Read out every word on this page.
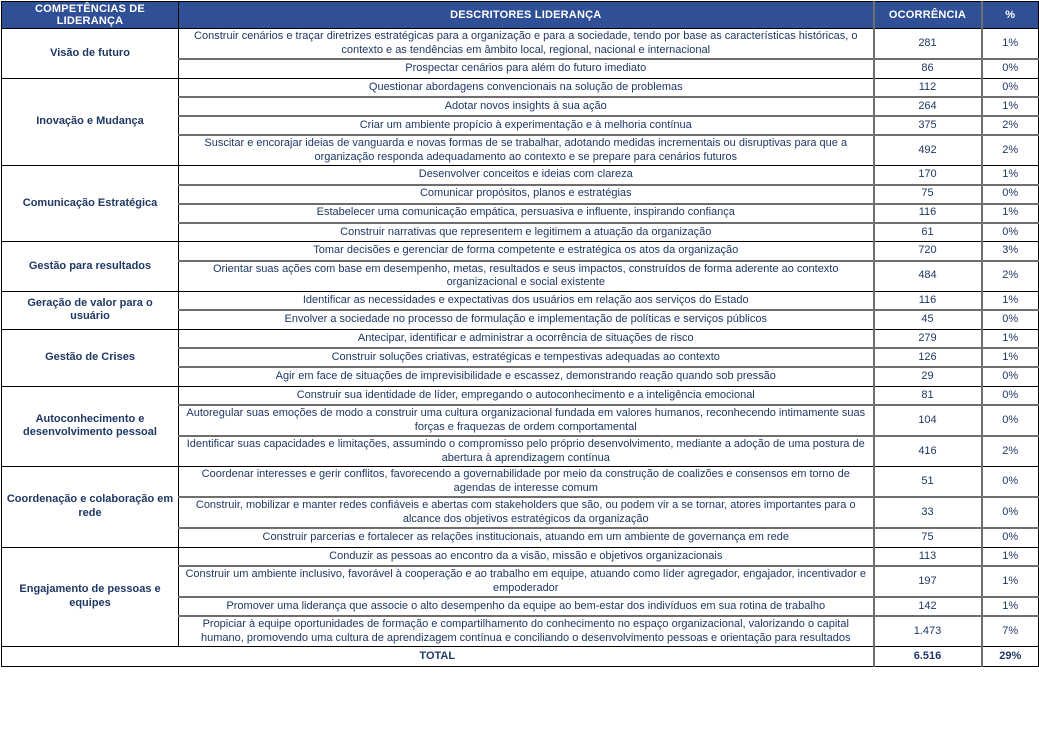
COMPETÊNCIAS DE LIDERANÇA	DESCRITORES LIDERANÇA	OCORRÊNCIA	%
Visão de futuro	Construir cenários e traçar diretrizes estratégicas para a organização e para a sociedade, tendo por base as características históricas, o contexto e as tendências em âmbito local, regional, nacional e internacional	281	1%
	Prospectar cenários para além do futuro imediato	86	0%
Inovação e Mudança	Questionar abordagens convencionais na solução de problemas	112	0%
	Adotar novos insights à sua ação	264	1%
	Criar um ambiente propício à experimentação e à melhoria contínua	375	2%
	Suscitar e encorajar ideias de vanguarda e novas formas de se trabalhar, adotando medidas incrementais ou disruptivas para que a organização responda adequadamento ao contexto e se prepare para cenários futuros	492	2%
Comunicação Estratégica	Desenvolver conceitos e ideias com clareza	170	1%
	Comunicar propósitos, planos e estratégias	75	0%
	Estabelecer uma comunicação empática, persuasiva e influente, inspirando confiança	116	1%
	Construir narrativas que representem e legitimem a atuação da organização	61	0%
Gestão para resultados	Tomar decisões e gerenciar de forma competente e estratégica os atos da organização	720	3%
	Orientar suas ações com base em desempenho, metas, resultados e seus impactos, construídos de forma aderente ao contexto organizacional e social existente	484	2%
Geração de valor para o usuário	Identificar as necessidades e expectativas dos usuários em relação aos serviços do Estado	116	1%
	Envolver a sociedade no processo de formulação e implementação de políticas e serviços públicos	45	0%
Gestão de Crises	Antecipar, identificar e administrar a ocorrência de situações de risco	279	1%
	Construir soluções criativas, estratégicas e tempestivas adequadas ao contexto	126	1%
	Agir em face de situações de imprevisibilidade e escassez, demonstrando reação quando sob pressão	29	0%
Autoconhecimento e desenvolvimento pessoal	Construir sua identidade de líder, empregando o autoconhecimento e a inteligência emocional	81	0%
	Autoregular suas emoções de modo a construir uma cultura organizacional fundada em valores humanos, reconhecendo intimamente suas forças e fraquezas de ordem comportamental	104	0%
	Identificar suas capacidades e limitações, assumindo o compromisso pelo próprio desenvolvimento, mediante a adoção de uma postura de abertura à aprendizagem contínua	416	2%
Coordenação e colaboração em rede	Coordenar interesses e gerir conflitos, favorecendo a governabilidade por meio da construção de coalizões e consensos em torno de agendas de interesse comum	51	0%
	Construir, mobilizar e manter redes confiáveis e abertas com stakeholders que são, ou podem vir a se tornar, atores importantes para o alcance dos objetivos estratégicos da organização	33	0%
	Construir parcerias e fortalecer as relações institucionais, atuando em um ambiente de governança em rede	75	0%
Engajamento de pessoas e equipes	Conduzir as pessoas ao encontro da a visão, missão e objetivos organizacionais	113	1%
	Construir um ambiente inclusivo, favorável à cooperação e ao trabalho em equipe, atuando como líder agregador, engajador, incentivador e empoderador	197	1%
	Promover uma liderança que associe o alto desempenho da equipe ao bem-estar dos indivíduos em sua rotina de trabalho	142	1%
	Propiciar à equipe oportunidades de formação e compartilhamento do conhecimento no espaço organizacional, valorizando o capital humano, promovendo uma cultura de aprendizagem contínua e conciliando o desenvolvimento pessoas e orientação para resultados	1.473	7%
TOTAL		6.516	29%
